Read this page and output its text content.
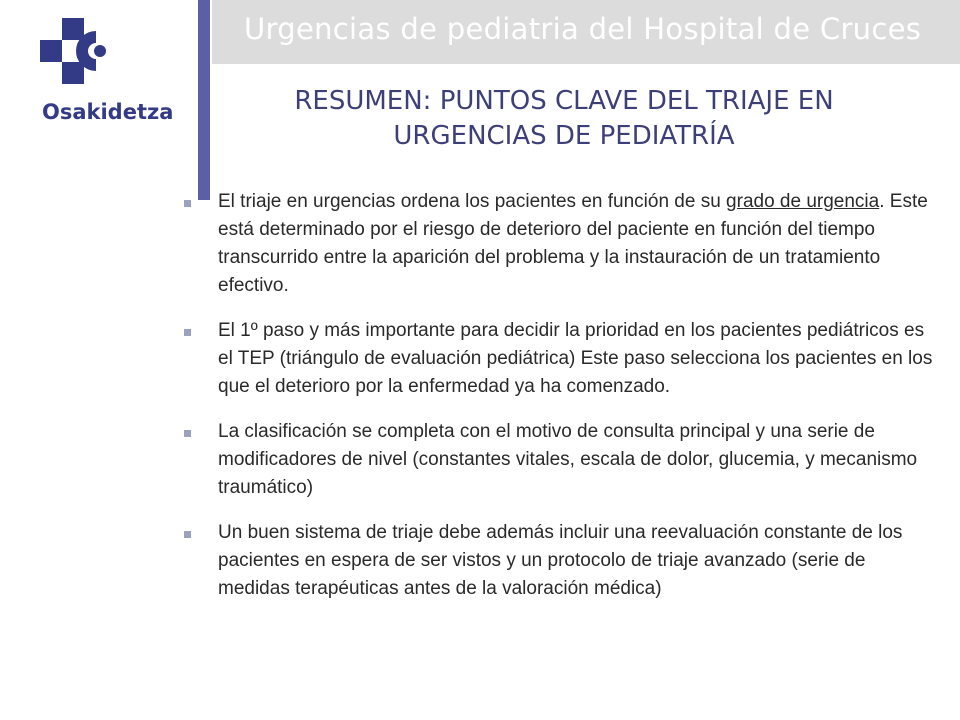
Urgencias de pediatria del Hospital de Cruces
Osakidetza	RESUMEN: PUNTOS CLAVE DEL TRIAJE EN URGENCIAS DE PEDIATRÍA
El triaje en urgencias ordena los pacientes en función de su grado de urgencia. Este está determinado por el riesgo de deterioro del paciente en función del tiempo transcurrido entre la aparición del problema y la instauración de un tratamiento efectivo.
El 1º paso y más importante para decidir la prioridad en los pacientes pediátricos es el TEP (triángulo de evaluación pediátrica) Este paso selecciona los pacientes en los que el deterioro por la enfermedad ya ha comenzado.
La clasificación se completa con el motivo de consulta principal y una serie de modificadores de nivel (constantes vitales, escala de dolor, glucemia, y mecanismo traumático)
Un buen sistema de triaje debe además incluir una reevaluación constante de los pacientes en espera de ser vistos y un protocolo de triaje avanzado (serie de medidas terapéuticas antes de la valoración médica)
